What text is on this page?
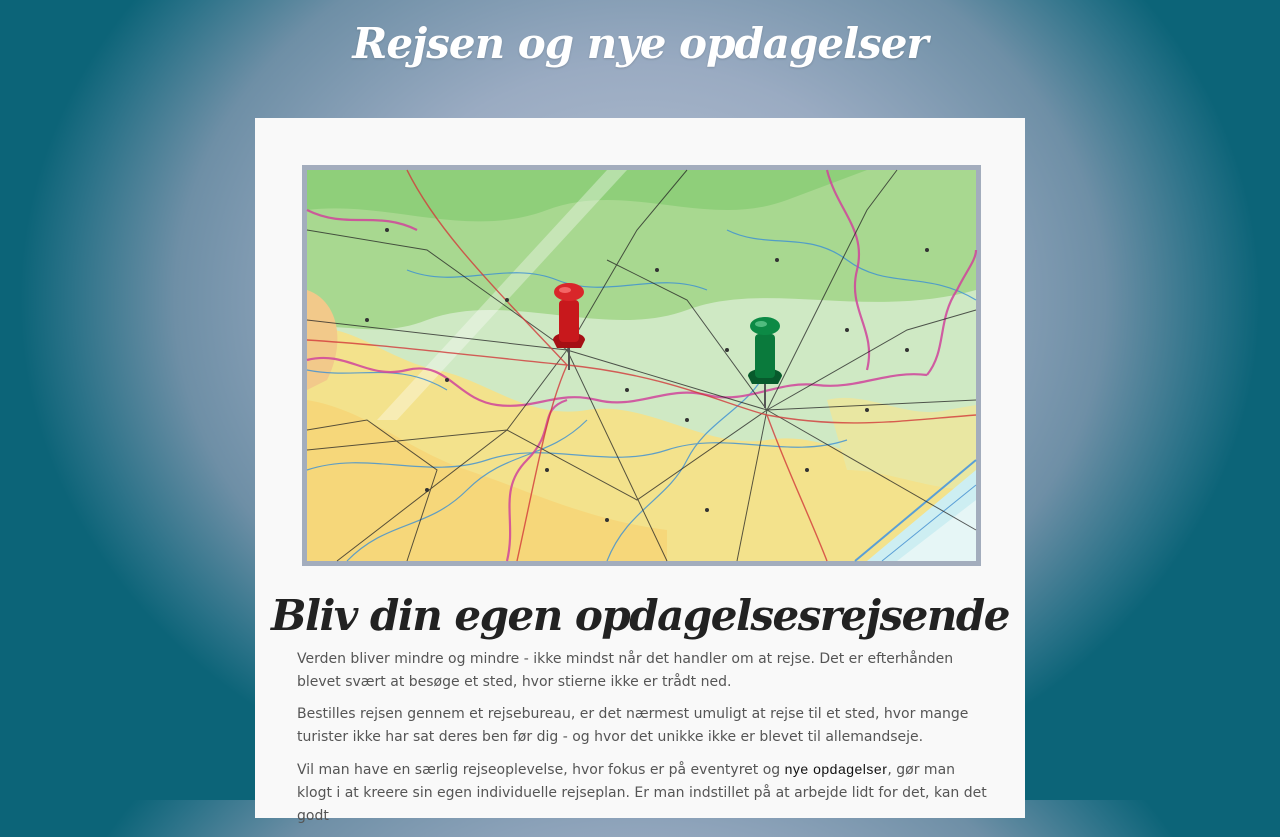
Rejsen og nye opdagelser
Bliv din egen opdagelsesrejsende

Verden bliver mindre og mindre - ikke mindst når det handler om at rejse. Det er efterhånden blevet svært at besøge et sted, hvor stierne ikke er trådt ned.

Bestilles rejsen gennem et rejsebureau, er det nærmest umuligt at rejse til et sted, hvor mange turister ikke har sat deres ben før dig - og hvor det unikke ikke er blevet til allemandseje.

Vil man have en særlig rejseoplevelse, hvor fokus er på eventyret og nye opdagelser, gør man klogt i at kreere sin egen individuelle rejseplan. Er man indstillet på at arbejde lidt for det, kan det godt
